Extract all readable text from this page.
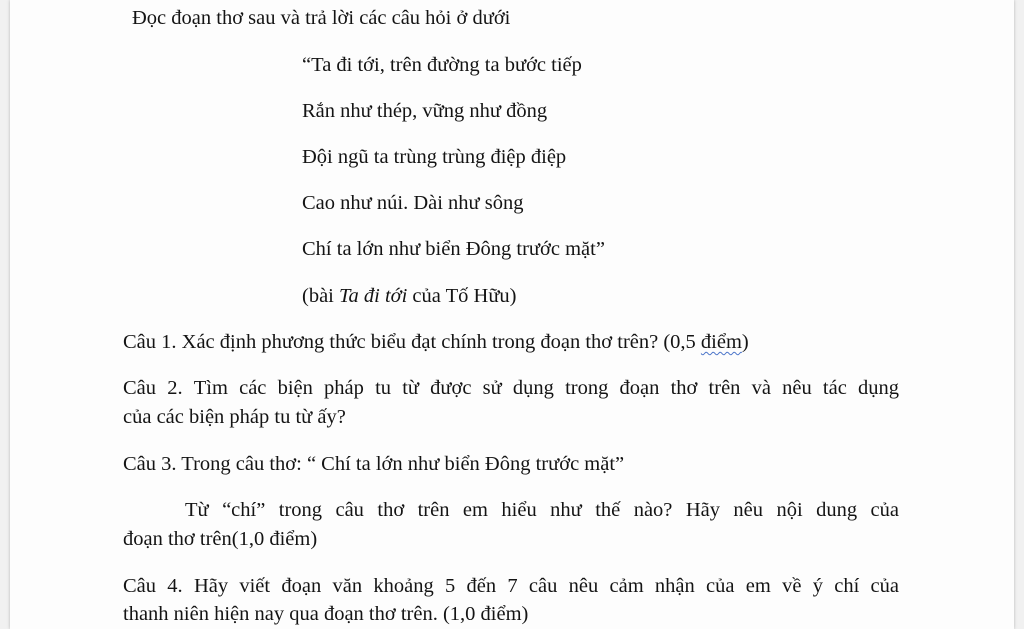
Đọc đoạn thơ sau và trả lời các câu hỏi ở dưới
“Ta đi tới, trên đường ta bước tiếp
Rắn như thép, vững như đồng
Đội ngũ ta trùng trùng điệp điệp
Cao như núi. Dài như sông
Chí ta lớn như biển Đông trước mặt”
(bài Ta đi tới của Tố Hữu)
Câu 1. Xác định phương thức biểu đạt chính trong đoạn thơ trên? (0,5 điểm)
Câu 2. Tìm các biện pháp tu từ được sử dụng trong đoạn thơ trên và nêu tác dụng
của các biện pháp tu từ ấy?
Câu 3. Trong câu thơ: “ Chí ta lớn như biển Đông trước mặt”
Từ “chí” trong câu thơ trên em hiểu như thế nào? Hãy nêu nội dung của
đoạn thơ trên(1,0 điểm)
Câu 4. Hãy viết đoạn văn khoảng 5 đến 7 câu nêu cảm nhận của em về ý chí của
thanh niên hiện nay qua đoạn thơ trên. (1,0 điểm)
